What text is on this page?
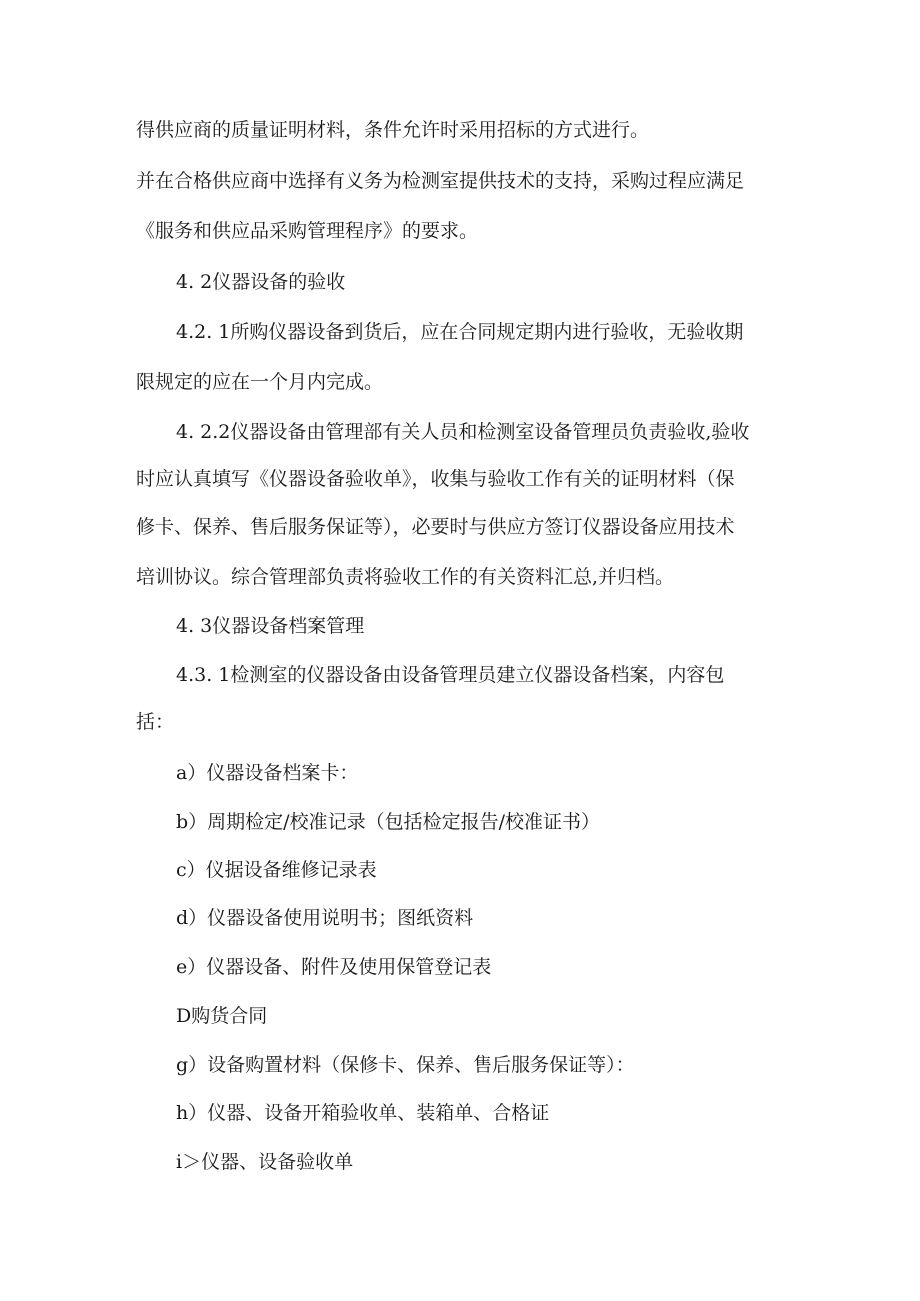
得供应商的质量证明材料，条件允许时采用招标的方式进行。
并在合格供应商中选择有义务为检测室提供技术的支持，采购过程应满足
《服务和供应品采购管理程序》的要求。
4. 2仪器设备的验收
4.2. 1所购仪器设备到货后，应在合同规定期内进行验收，无验收期
限规定的应在一个月内完成。
4. 2.2仪器设备由管理部有关人员和检测室设备管理员负责验收,验收
时应认真填写《仪器设备验收单》，收集与验收工作有关的证明材料（保
修卡、保养、售后服务保证等），必要时与供应方签订仪器设备应用技术
培训协议。综合管理部负责将验收工作的有关资料汇总,并归档。
4. 3仪器设备档案管理
4.3. 1检测室的仪器设备由设备管理员建立仪器设备档案，内容包
括：
a）仪器设备档案卡：
b）周期检定/校准记录（包括检定报告/校准证书）
c）仪据设备维修记录表
d）仪器设备使用说明书；图纸资料
e）仪器设备、附件及使用保管登记表
D购货合同
g）设备购置材料（保修卡、保养、售后服务保证等）：
h）仪器、设备开箱验收单、装箱单、合格证
i＞仪器、设备验收单
